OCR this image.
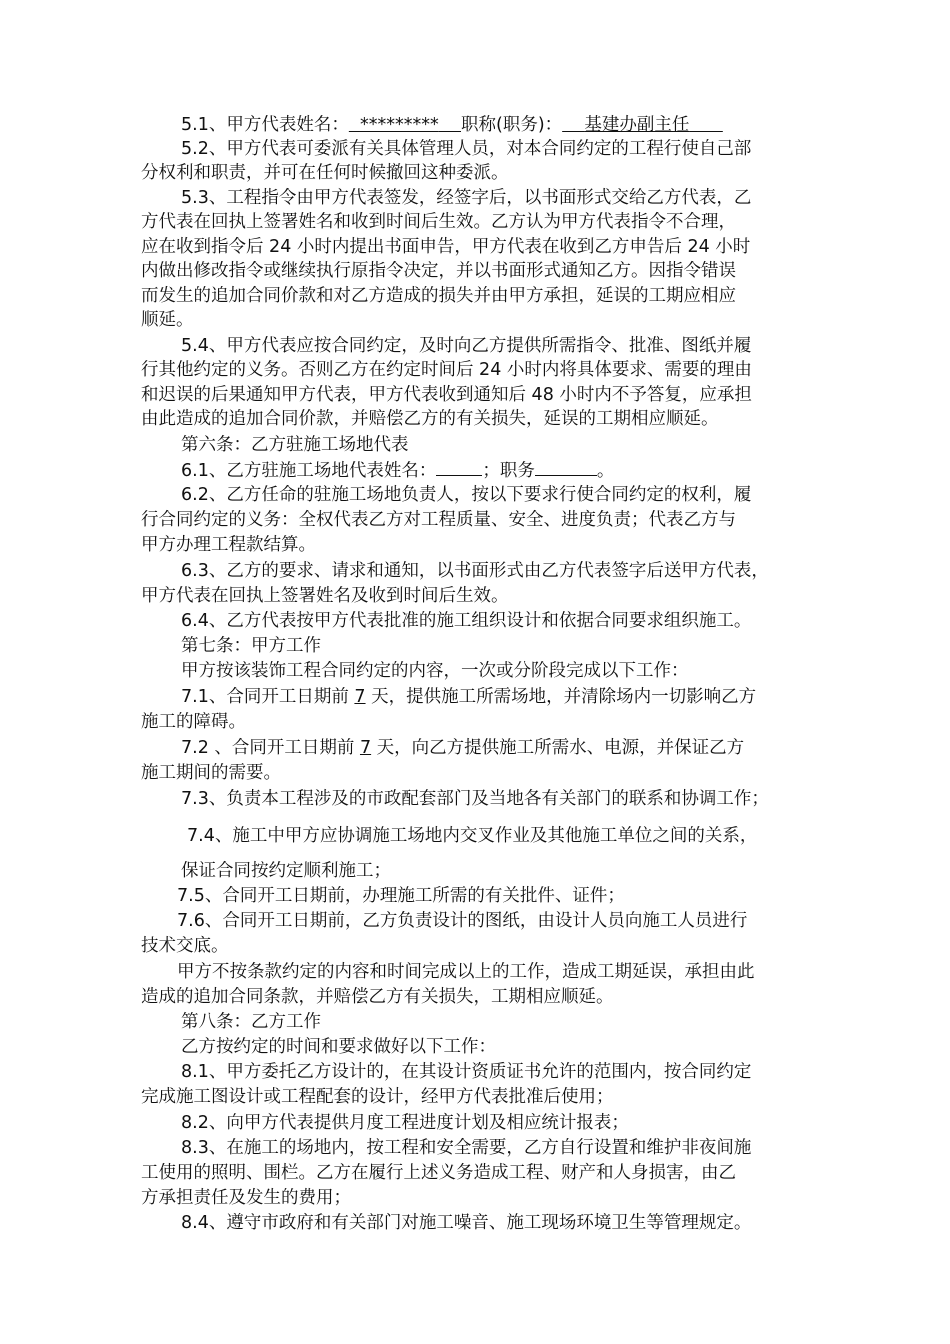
5.1、甲方代表姓名： ********* 职称(职务)： 基建办副主任
5.2、甲方代表可委派有关具体管理人员，对本合同约定的工程行使自己部
分权利和职责，并可在任何时候撤回这种委派。
5.3、工程指令由甲方代表签发，经签字后，以书面形式交给乙方代表，乙
方代表在回执上签署姓名和收到时间后生效。乙方认为甲方代表指令不合理，
应在收到指令后 24 小时内提出书面申告，甲方代表在收到乙方申告后 24 小时
内做出修改指令或继续执行原指令决定，并以书面形式通知乙方。因指令错误
而发生的追加合同价款和对乙方造成的损失并由甲方承担，延误的工期应相应
顺延。
5.4、甲方代表应按合同约定，及时向乙方提供所需指令、批准、图纸并履
行其他约定的义务。否则乙方在约定时间后 24 小时内将具体要求、需要的理由
和迟误的后果通知甲方代表，甲方代表收到通知后 48 小时内不予答复，应承担
由此造成的追加合同价款，并赔偿乙方的有关损失，延误的工期相应顺延。
第六条：乙方驻施工场地代表
6.1、乙方驻施工场地代表姓名：	；职务	。
6.2、乙方任命的驻施工场地负责人，按以下要求行使合同约定的权利，履
行合同约定的义务：全权代表乙方对工程质量、安全、进度负责；代表乙方与
甲方办理工程款结算。
6.3、乙方的要求、请求和通知，以书面形式由乙方代表签字后送甲方代表，
甲方代表在回执上签署姓名及收到时间后生效。
6.4、乙方代表按甲方代表批准的施工组织设计和依据合同要求组织施工。
第七条：甲方工作
甲方按该装饰工程合同约定的内容，一次或分阶段完成以下工作：
7.1、合同开工日期前 7 天，提供施工所需场地，并清除场内一切影响乙方
施工的障碍。
7.2 、合同开工日期前 7 天，向乙方提供施工所需水、电源，并保证乙方
施工期间的需要。
7.3、负责本工程涉及的市政配套部门及当地各有关部门的联系和协调工作；
7.4、施工中甲方应协调施工场地内交叉作业及其他施工单位之间的关系，
保证合同按约定顺利施工；
7.5、合同开工日期前，办理施工所需的有关批件、证件；
7.6、合同开工日期前，乙方负责设计的图纸，由设计人员向施工人员进行
技术交底。
甲方不按条款约定的内容和时间完成以上的工作，造成工期延误，承担由此
造成的追加合同条款，并赔偿乙方有关损失，工期相应顺延。
第八条：乙方工作
乙方按约定的时间和要求做好以下工作：
8.1、甲方委托乙方设计的，在其设计资质证书允许的范围内，按合同约定
完成施工图设计或工程配套的设计，经甲方代表批准后使用；
8.2、向甲方代表提供月度工程进度计划及相应统计报表；
8.3、在施工的场地内，按工程和安全需要，乙方自行设置和维护非夜间施
工使用的照明、围栏。乙方在履行上述义务造成工程、财产和人身损害，由乙
方承担责任及发生的费用；
8.4、遵守市政府和有关部门对施工噪音、施工现场环境卫生等管理规定。
